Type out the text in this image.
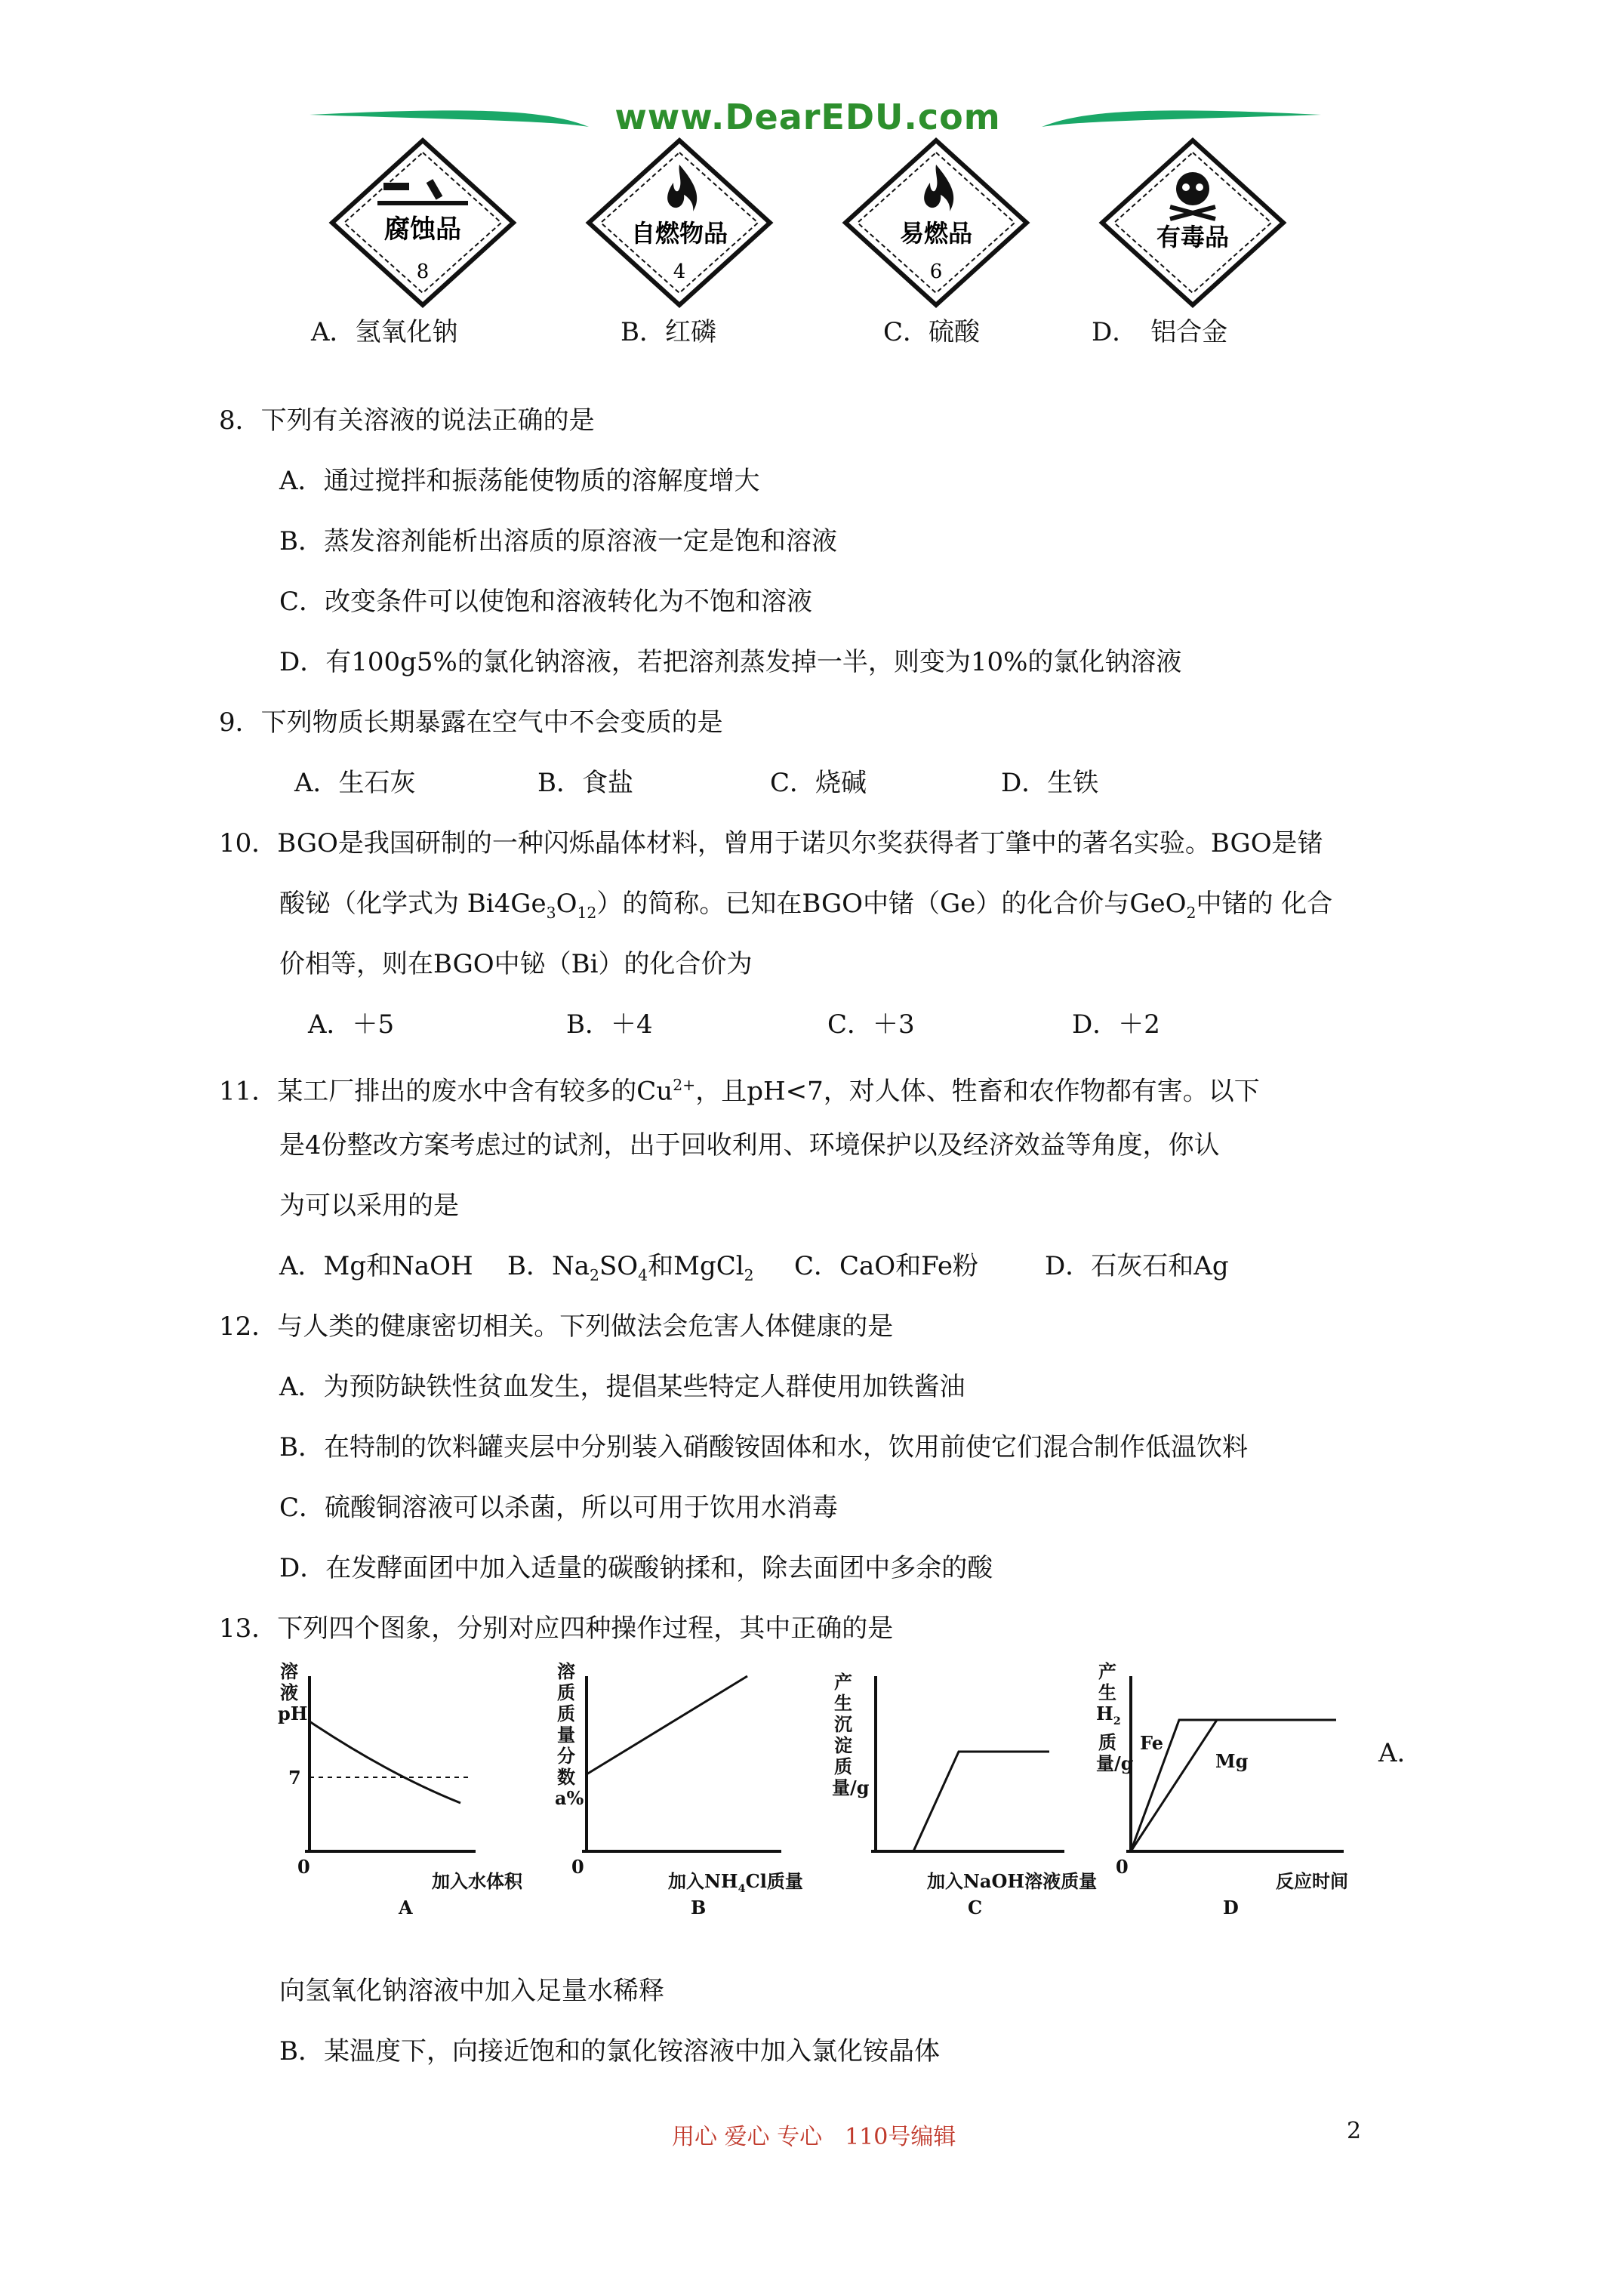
www.DearEDU.com
腐蚀品
8
自燃物品
4
易燃品
6
有毒品
A．氢氧化钠	B．红磷	C．硫酸	D．　铝合金
8．下列有关溶液的说法正确的是
A．通过搅拌和振荡能使物质的溶解度增大
B．蒸发溶剂能析出溶质的原溶液一定是饱和溶液
C．改变条件可以使饱和溶液转化为不饱和溶液
D．有100g5%的氯化钠溶液，若把溶剂蒸发掉一半，则变为10%的氯化钠溶液
9．下列物质长期暴露在空气中不会变质的是
A．生石灰	B．食盐	C．烧碱	D．生铁
10．BGO是我国研制的一种闪烁晶体材料，曾用于诺贝尔奖获得者丁肇中的著名实验。BGO是锗
酸铋（化学式为 $Bi4Ge_3O_{12}$）的简称。已知在BGO中锗（Ge）的化合价与GeO$_2$中锗的 化合
价相等，则在BGO中铋（Bi）的化合价为
A．＋5	B．＋4	C．＋3	D．＋2
11．某工厂排出的废水中含有较多的$Cu^{2+}$，且pH<7，对人体、牲畜和农作物都有害。以下
是4份整改方案考虑过的试剂，出于回收利用、环境保护以及经济效益等角度，你认
为可以采用的是
A．Mg和NaOH B．$Na_2SO_4$和MgCl$_2$ C．CaO和Fe粉	D．石灰石和Ag
12．与人类的健康密切相关。下列做法会危害人体健康的是
A．为预防缺铁性贫血发生，提倡某些特定人群使用加铁酱油
B．在特制的饮料罐夹层中分别装入硝酸铵固体和水，饮用前使它们混合制作低温饮料
C．硫酸铜溶液可以杀菌，所以可用于饮用水消毒
D．在发酵面团中加入适量的碳酸钠揉和，除去面团中多余的酸
13．下列四个图象，分别对应四种操作过程，其中正确的是
溶液pH
7
0
加入水体积
A
溶质质量分数a%
0
加入$NH_4Cl$质量
B
产生沉淀质量/g
加入NaOH溶液质量
C
产生$H_2$质量/g
Fe
Mg
0
反应时间
D
A.
向氢氧化钠溶液中加入足量水稀释
B．某温度下，向接近饱和的氯化铵溶液中加入氯化铵晶体
用心 爱心 专心　110号编辑	2
